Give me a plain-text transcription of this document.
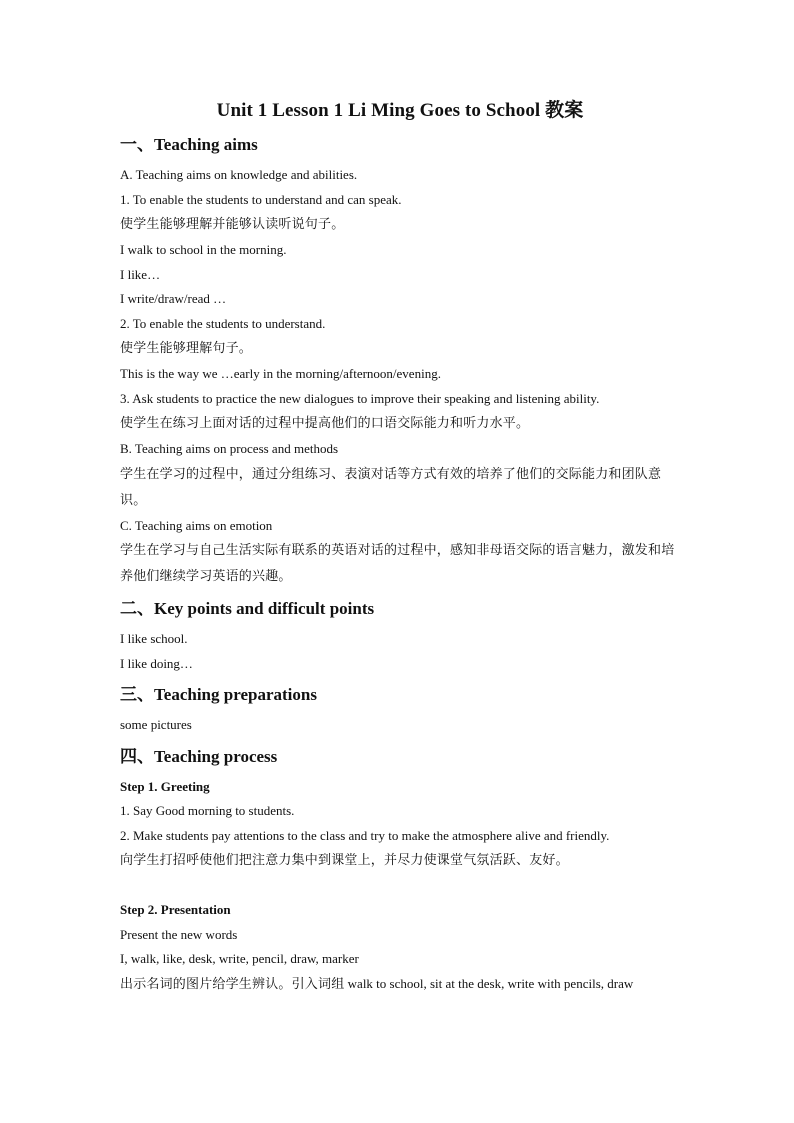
Unit 1 Lesson 1 Li Ming Goes to School 教案
一、Teaching aims

A. Teaching aims on knowledge and abilities.

1. To enable the students to understand and can speak.

使学生能够理解并能够认读听说句子。

I walk to school in the morning.

I like…

I write/draw/read …

2. To enable the students to understand.

使学生能够理解句子。

This is the way we …early in the morning/afternoon/evening.

3. Ask students to practice the new dialogues to improve their speaking and listening ability.

使学生在练习上面对话的过程中提高他们的口语交际能力和听力水平。

B. Teaching aims on process and methods

学生在学习的过程中，通过分组练习、表演对话等方式有效的培养了他们的交际能力和团队意识。

C. Teaching aims on emotion

学生在学习与自己生活实际有联系的英语对话的过程中，感知非母语交际的语言魅力，激发和培养他们继续学习英语的兴趣。

二、Key points and difficult points

I like school.

I like doing…

三、Teaching preparations

some pictures

四、Teaching process

Step 1. Greeting

1. Say Good morning to students.

2. Make students pay attentions to the class and try to make the atmosphere alive and friendly.

向学生打招呼使他们把注意力集中到课堂上，并尽力使课堂气氛活跃、友好。

Step 2. Presentation

Present the new words

I, walk, like, desk, write, pencil, draw, marker

出示名词的图片给学生辨认。引入词组 walk to school, sit at the desk, write with pencils, draw
